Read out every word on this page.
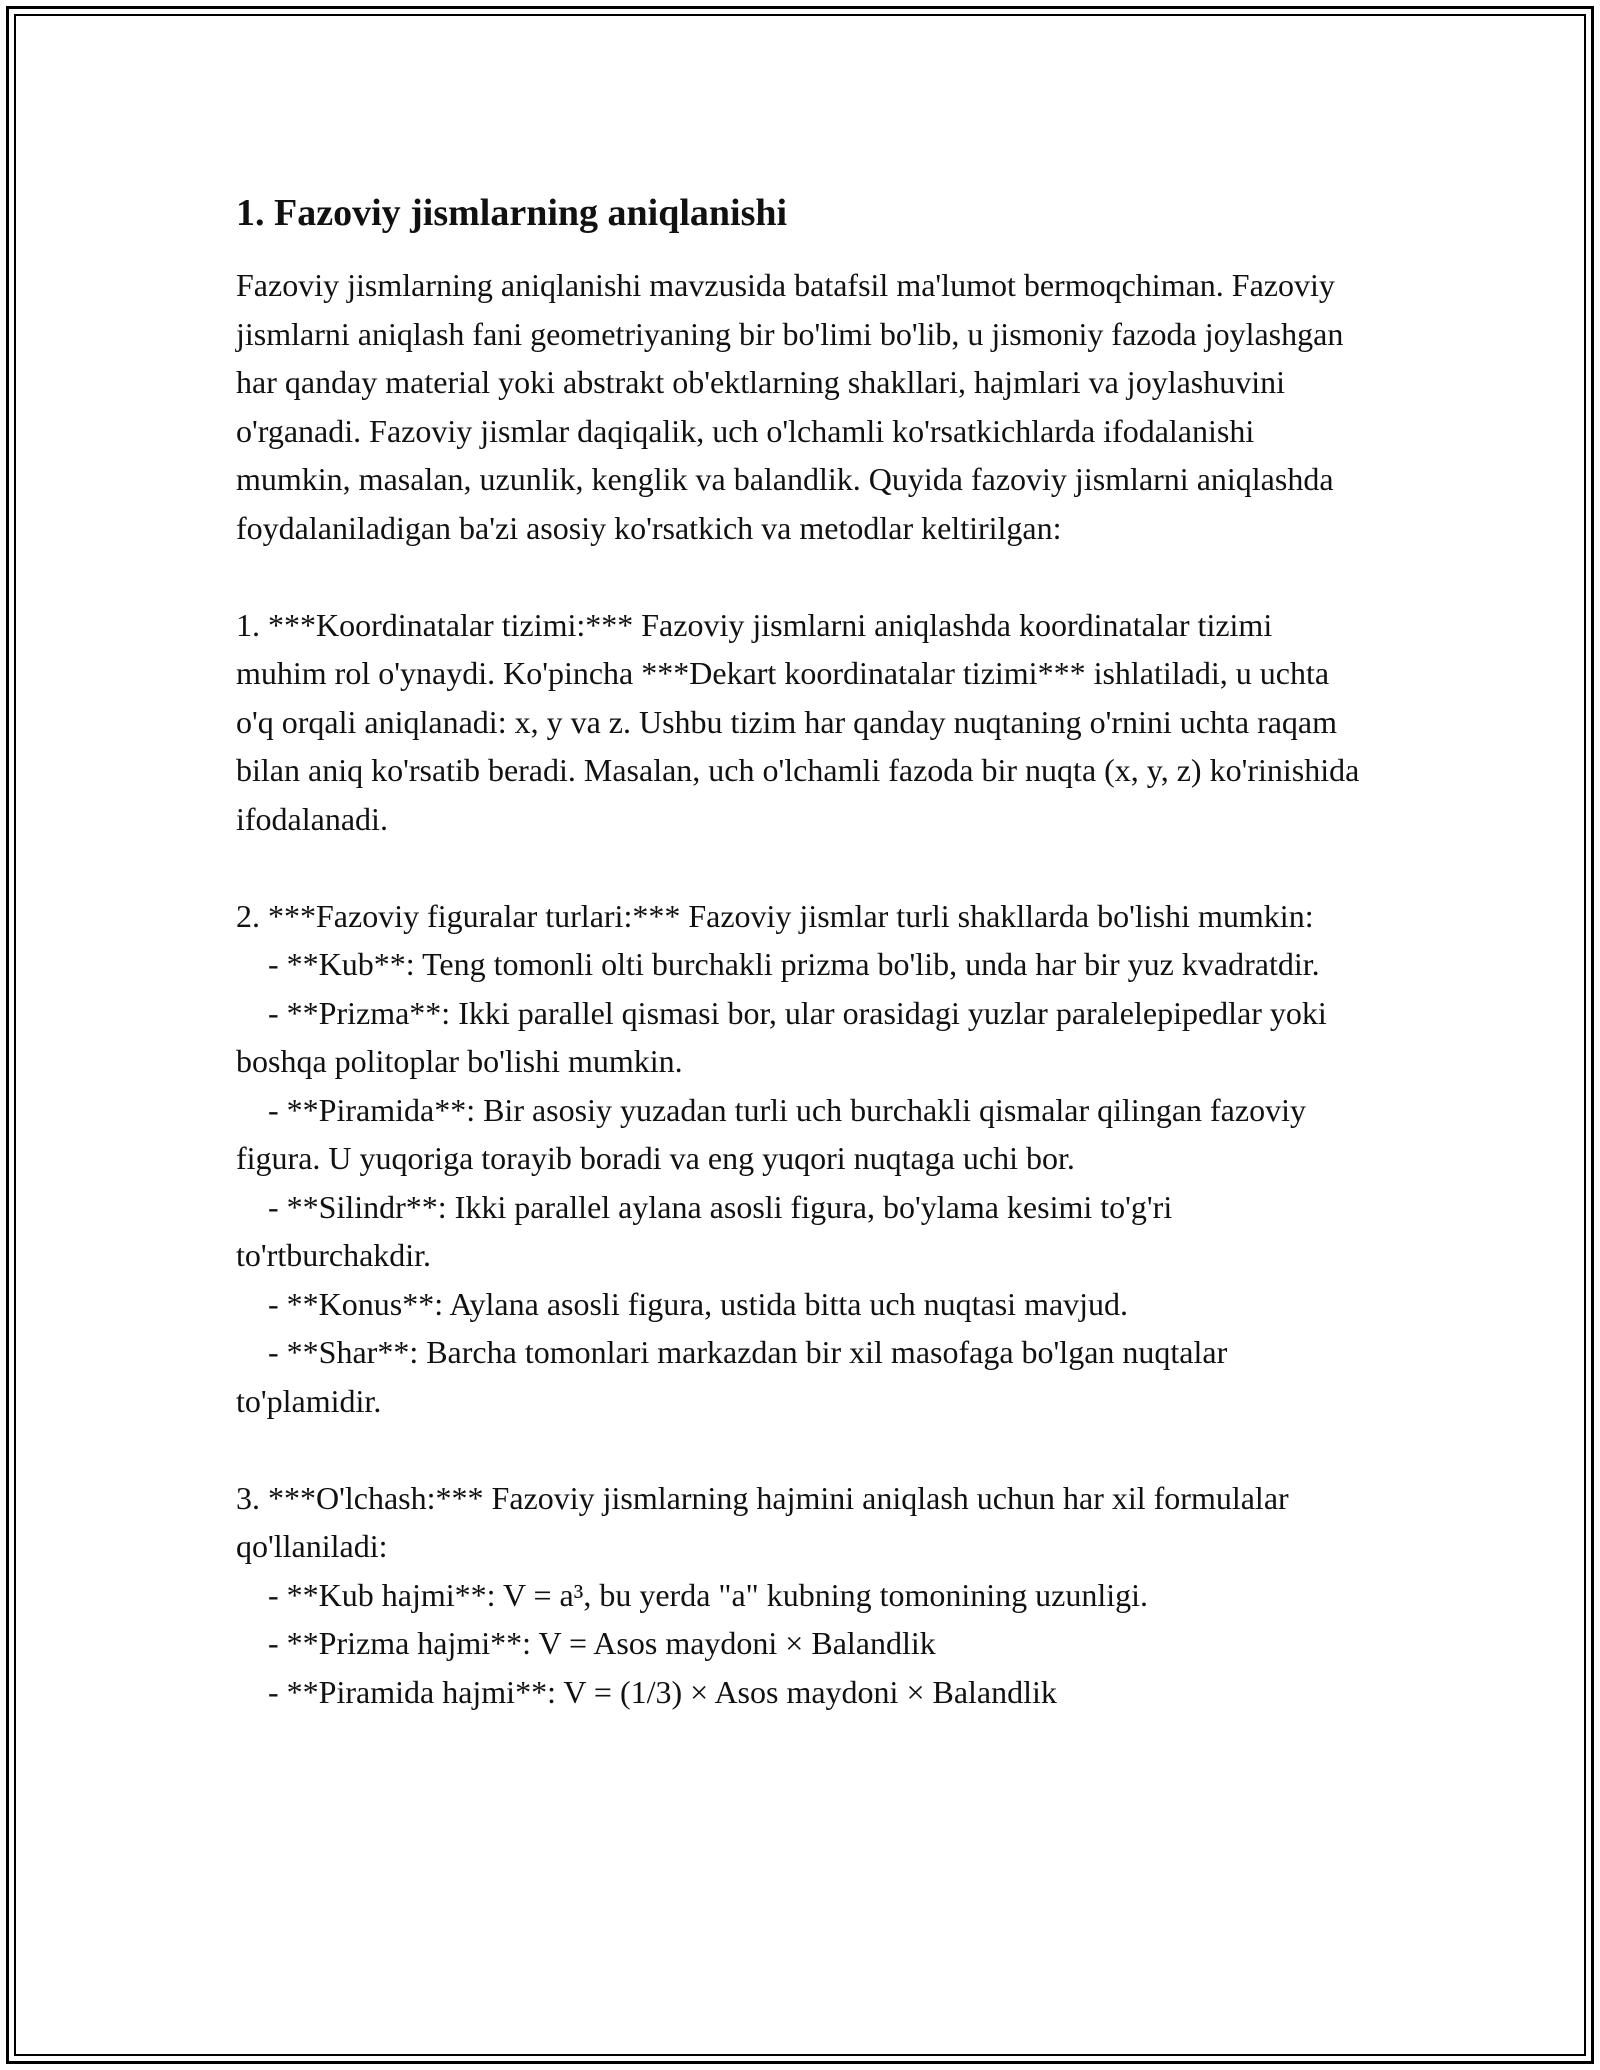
1. Fazoviy jismlarning aniqlanishi

Fazoviy jismlarning aniqlanishi mavzusida batafsil ma'lumot bermoqchiman. Fazoviy jismlarni aniqlash fani geometriyaning bir bo'limi bo'lib, u jismoniy fazoda joylashgan har qanday material yoki abstrakt ob'ektlarning shakllari, hajmlari va joylashuvini o'rganadi. Fazoviy jismlar daqiqalik, uch o'lchamli ko'rsatkichlarda ifodalanishi mumkin, masalan, uzunlik, kenglik va balandlik. Quyida fazoviy jismlarni aniqlashda foydalaniladigan ba'zi asosiy ko'rsatkich va metodlar keltirilgan:

1. ***Koordinatalar tizimi:*** Fazoviy jismlarni aniqlashda koordinatalar tizimi muhim rol o'ynaydi. Ko'pincha ***Dekart koordinatalar tizimi*** ishlatiladi, u uchta o'q orqali aniqlanadi: x, y va z. Ushbu tizim har qanday nuqtaning o'rnini uchta raqam bilan aniq ko'rsatib beradi. Masalan, uch o'lchamli fazoda bir nuqta (x, y, z) ko'rinishida ifodalanadi.

2. ***Fazoviy figuralar turlari:*** Fazoviy jismlar turli shakllarda bo'lishi mumkin:

- **Kub**: Teng tomonli olti burchakli prizma bo'lib, unda har bir yuz kvadratdir.

- **Prizma**: Ikki parallel qismasi bor, ular orasidagi yuzlar paralelepipedlar yoki boshqa politoplar bo'lishi mumkin.

- **Piramida**: Bir asosiy yuzadan turli uch burchakli qismalar qilingan fazoviy figura. U yuqoriga torayib boradi va eng yuqori nuqtaga uchi bor.

- **Silindr**: Ikki parallel aylana asosli figura, bo'ylama kesimi to'g'ri to'rtburchakdir.

- **Konus**: Aylana asosli figura, ustida bitta uch nuqtasi mavjud.

- **Shar**: Barcha tomonlari markazdan bir xil masofaga bo'lgan nuqtalar to'plamidir.

3. ***O'lchash:*** Fazoviy jismlarning hajmini aniqlash uchun har xil formulalar qo'llaniladi:

- **Kub hajmi**: V = a³, bu yerda "a" kubning tomonining uzunligi.

- **Prizma hajmi**: V = Asos maydoni × Balandlik

- **Piramida hajmi**: V = (1/3) × Asos maydoni × Balandlik
